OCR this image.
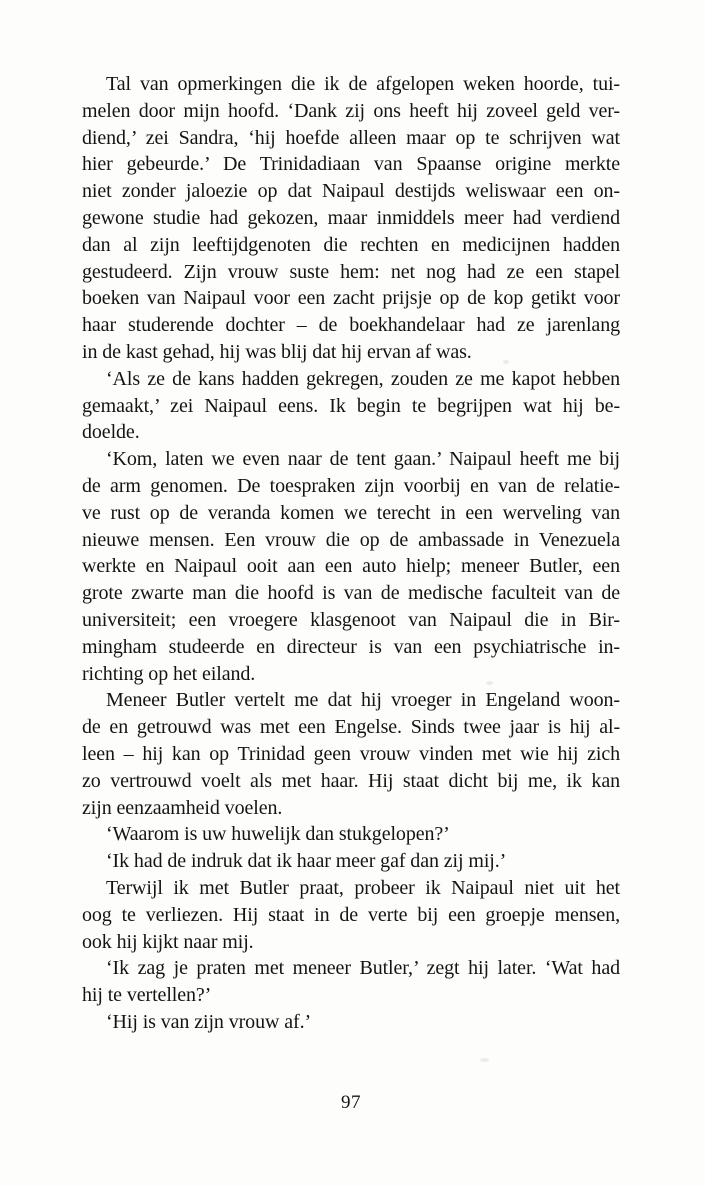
Tal van opmerkingen die ik de afgelopen weken hoorde, tui-
melen door mijn hoofd. ‘Dank zij ons heeft hij zoveel geld ver-
diend,’ zei Sandra, ‘hij hoefde alleen maar op te schrijven wat
hier gebeurde.’ De Trinidadiaan van Spaanse origine merkte
niet zonder jaloezie op dat Naipaul destijds weliswaar een on-
gewone studie had gekozen, maar inmiddels meer had verdiend
dan al zijn leeftijdgenoten die rechten en medicijnen hadden
gestudeerd. Zijn vrouw suste hem: net nog had ze een stapel
boeken van Naipaul voor een zacht prijsje op de kop getikt voor
haar studerende dochter – de boekhandelaar had ze jarenlang
in de kast gehad, hij was blij dat hij ervan af was.
‘Als ze de kans hadden gekregen, zouden ze me kapot hebben
gemaakt,’ zei Naipaul eens. Ik begin te begrijpen wat hij be-
doelde.
‘Kom, laten we even naar de tent gaan.’ Naipaul heeft me bij
de arm genomen. De toespraken zijn voorbij en van de relatie-
ve rust op de veranda komen we terecht in een werveling van
nieuwe mensen. Een vrouw die op de ambassade in Venezuela
werkte en Naipaul ooit aan een auto hielp; meneer Butler, een
grote zwarte man die hoofd is van de medische faculteit van de
universiteit; een vroegere klasgenoot van Naipaul die in Bir-
mingham studeerde en directeur is van een psychiatrische in-
richting op het eiland.
Meneer Butler vertelt me dat hij vroeger in Engeland woon-
de en getrouwd was met een Engelse. Sinds twee jaar is hij al-
leen – hij kan op Trinidad geen vrouw vinden met wie hij zich
zo vertrouwd voelt als met haar. Hij staat dicht bij me, ik kan
zijn eenzaamheid voelen.
‘Waarom is uw huwelijk dan stukgelopen?’
‘Ik had de indruk dat ik haar meer gaf dan zij mij.’
Terwijl ik met Butler praat, probeer ik Naipaul niet uit het
oog te verliezen. Hij staat in de verte bij een groepje mensen,
ook hij kijkt naar mij.
‘Ik zag je praten met meneer Butler,’ zegt hij later. ‘Wat had
hij te vertellen?’
‘Hij is van zijn vrouw af.’
97
